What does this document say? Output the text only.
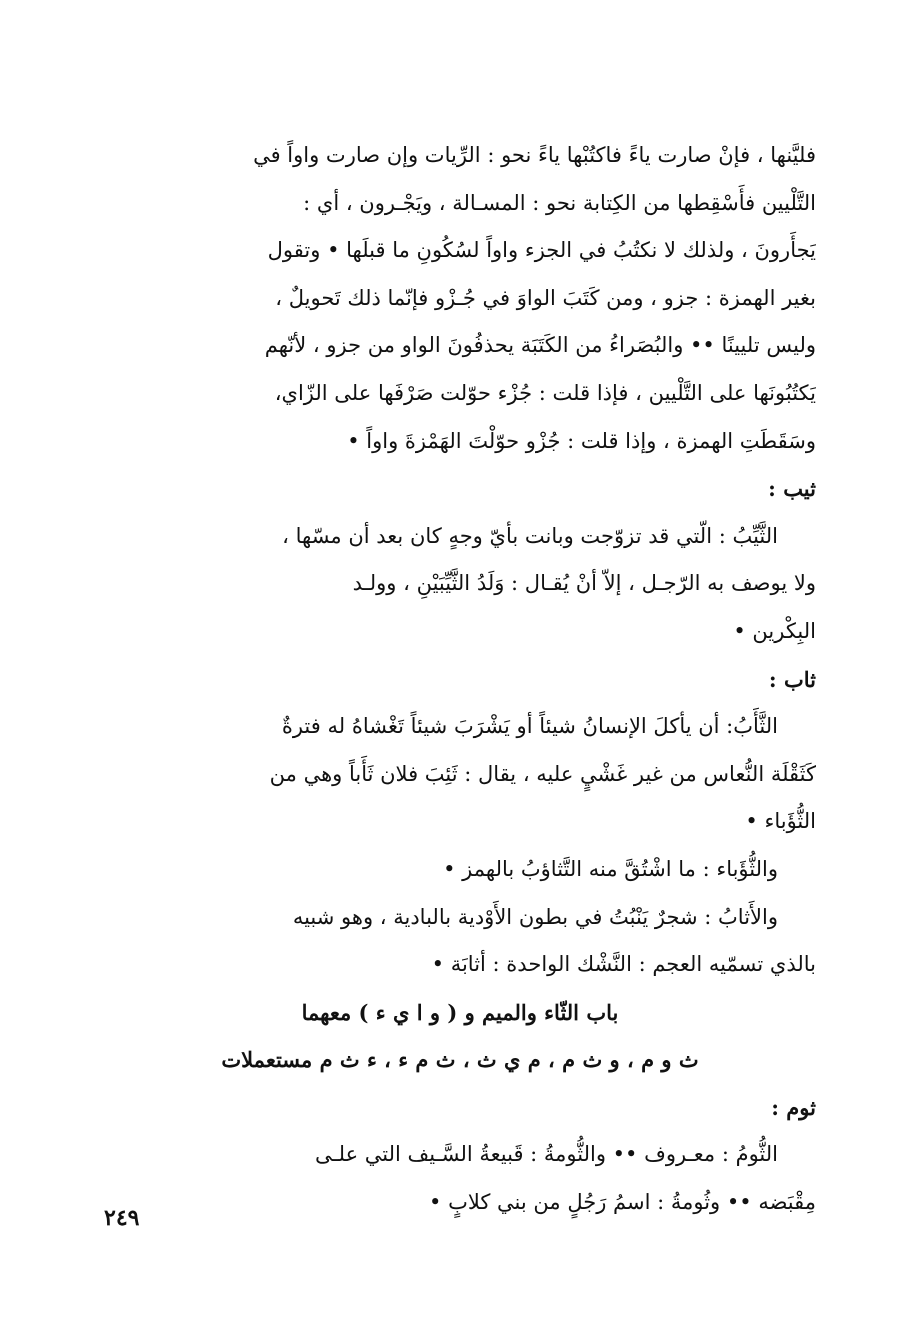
فليَّنها ، فإنْ صارت ياءً فاكتُبْها ياءً نحو : الرِّيات وإن صارت واواً في
التَّلْيين فأَسْقِطها من الكِتابة نحو : المسـالة ، ويَجْـرون ، أي :
يَجأَرونَ ، ولذلك لا نكتُبُ في الجزء واواً لسُكُونِ ما قبلَها • وتقول
بغير الهمزة : جزو ، ومن كَتَبَ الواوَ في جُـزْو فإنّما ذلك تَحويلٌ ،
وليس تليينًا •• والبُصَراءُ من الكَتَبَة يحذفُونَ الواو من جزو ، لأنّهم
يَكتُبُونَها على التَّلْيين ، فإذا قلت : جُزْء حوّلت صَرْفَها على الزّاي،
وسَقَطَتِ الهمزة ، وإذا قلت : جُزْو حوّلْتَ الهَمْزةَ واواً •
ثيب :
الثَّيِّبُ : الّتي قد تزوّجت وبانت بأيّ وجهٍ كان بعد أن مسّها ،
ولا يوصف به الرّجـل ، إلاّ أنْ يُقـال : وَلَدُ الثَّيِّبَيْنِ ، وولـد
البِكْرين •
ثاب :
الثَّأَبُ: أن يأكلَ الإنسانُ شيئاً أو يَشْرَبَ شيئاً تَغْشاهُ له فترةٌ
كَثَقْلَة النُّعاس من غير غَشْيٍ عليه ، يقال : ثَئِبَ فلان ثَأَباً وهي من
الثُّؤَباء •
والثُّؤَباء : ما اشْتُقَّ منه التَّثاؤبُ بالهمز •
والأَثابُ : شجرٌ يَنْبُتُ في بطون الأَوْدية بالبادية ، وهو شبيه
بالذي تسمّيه العجم : النَّشْك الواحدة : أثابَة •
باب الثّاء والميم و ( و ا ي ء ) معهما
ث و م ، و ث م ، م ي ث ، ث م ء ، ء ث م مستعملات
ثوم :
الثُّومُ : معـروف •• والثُّومةُ : قَبيعةُ السَّـيف التي علـى
مِقْبَضه •• وثُومةُ : اسمُ رَجُلٍ من بني كلابٍ •
٢٤٩
